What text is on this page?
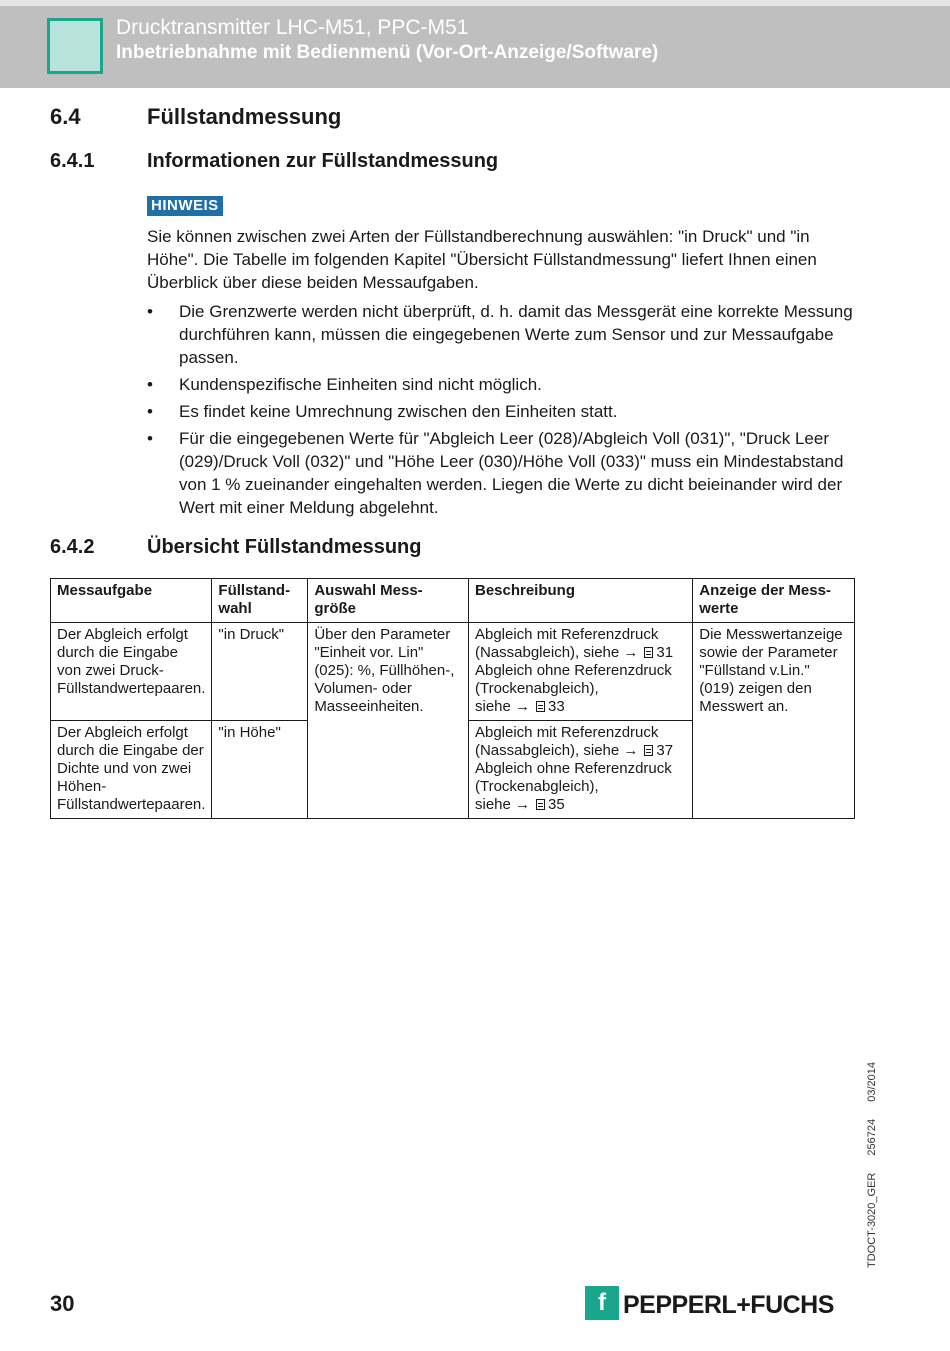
Drucktransmitter LHC-M51, PPC-M51
Inbetriebnahme mit Bedienmenü (Vor-Ort-Anzeige/Software)
6.4	Füllstandmessung
6.4.1	Informationen zur Füllstandmessung
HINWEIS

Sie können zwischen zwei Arten der Füllstandberechnung auswählen: "in Druck" und "in Höhe". Die Tabelle im folgenden Kapitel "Übersicht Füllstandmessung" liefert Ihnen einen Überblick über diese beiden Messaufgaben.

• Die Grenzwerte werden nicht überprüft, d. h. damit das Messgerät eine korrekte Messung durchführen kann, müssen die eingegebenen Werte zum Sensor und zur Messaufgabe passen.
• Kundenspezifische Einheiten sind nicht möglich.
• Es findet keine Umrechnung zwischen den Einheiten statt.
• Für die eingegebenen Werte für "Abgleich Leer (028)/Abgleich Voll (031)", "Druck Leer (029)/Druck Voll (032)" und "Höhe Leer (030)/Höhe Voll (033)" muss ein Mindestabstand von 1 % zueinander eingehalten werden. Liegen die Werte zu dicht beieinander wird der Wert mit einer Meldung abgelehnt.
6.4.2	Übersicht Füllstandmessung
Messaufgabe	Füllstand-wahl	Auswahl Mess-größe	Beschreibung	Anzeige der Mess-werte
Der Abgleich erfolgt durch die Eingabe von zwei Druck-Füllstandwertepaaren.	"in Druck"	Über den Parameter "Einheit vor. Lin" (025): %, Füllhöhen-, Volumen- oder Masseeinheiten.	Abgleich mit Referenzdruck
(Nassabgleich), siehe → 31
Abgleich ohne Referenzdruck
(Trockenabgleich),
siehe → 33	Die Messwertanzeige sowie der Parameter "Füllstand v.Lin." (019) zeigen den Messwert an.
Der Abgleich erfolgt durch die Eingabe der Dichte und von zwei Höhen-Füllstandwertepaaren.	"in Höhe"		Abgleich mit Referenzdruck
(Nassabgleich), siehe → 37
Abgleich ohne Referenzdruck
(Trockenabgleich),
siehe → 35	
TDOCT-3020_GER 256724 03/2014
30	f PEPPERL+FUCHS
